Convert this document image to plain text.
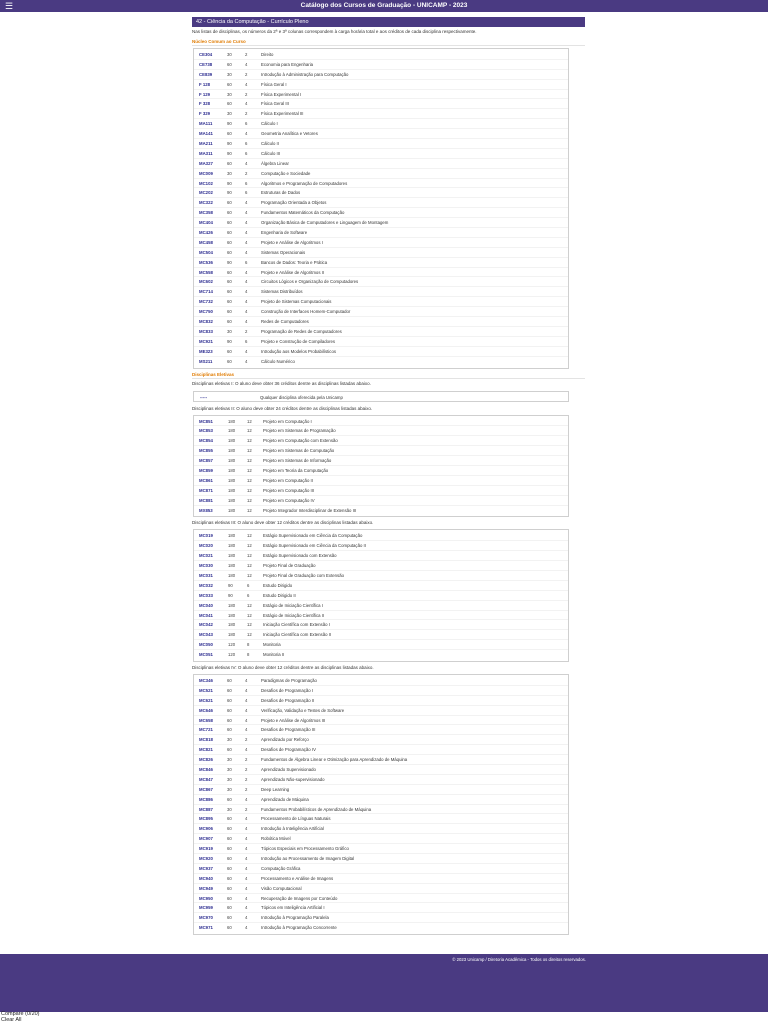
☰	Catálogo dos Cursos de Graduação - UNICAMP - 2023
42 - Ciência da Computação - Currículo Pleno
Nas listas de disciplinas, os números da 2ª e 3ª colunas correspondem à carga horária total e aos créditos de cada disciplina respectivamente.
Núcleo Comum ao Curso
CE304	30	2	Direito
CE738	60	4	Economia para Engenharia
CE839	30	2	Introdução à Administração para Computação
F 128	60	4	Física Geral I
F 129	30	2	Física Experimental I
F 328	60	4	Física Geral III
F 329	30	2	Física Experimental III
MA111	90	6	Cálculo I
MA141	60	4	Geometria Analítica e Vetores
MA211	90	6	Cálculo II
MA311	90	6	Cálculo III
MA327	60	4	Álgebra Linear
MC009	30	2	Computação e Sociedade
MC102	90	6	Algoritmos e Programação de Computadores
MC202	90	6	Estruturas de Dados
MC322	60	4	Programação Orientada a Objetos
MC358	60	4	Fundamentos Matemáticos da Computação
MC404	60	4	Organização Básica de Computadores e Linguagem de Montagem
MC426	60	4	Engenharia de Software
MC458	60	4	Projeto e Análise de Algoritmos I
MC504	60	4	Sistemas Operacionais
MC536	90	6	Bancos de Dados: Teoria e Prática
MC558	60	4	Projeto e Análise de Algoritmos II
MC602	60	4	Circuitos Lógicos e Organização de Computadores
MC714	60	4	Sistemas Distribuídos
MC732	60	4	Projeto de Sistemas Computacionais
MC750	60	4	Construção de Interfaces Homem-Computador
MC832	60	4	Redes de Computadores
MC833	30	2	Programação de Redes de Computadores
MC921	90	6	Projeto e Construção de Compiladores
ME323	60	4	Introdução aos Modelos Probabilísticos
MS211	60	4	Cálculo Numérico
Disciplinas Eletivas
Disciplinas eletivas I: O aluno deve obter 36 créditos dentre as disciplinas listadas abaixo.
-----	Qualquer disciplina oferecida pela Unicamp
Disciplinas eletivas II: O aluno deve obter 24 créditos dentre as disciplinas listadas abaixo.
MC851	180	12	Projeto em Computação I
MC853	180	12	Projeto em Sistemas de Programação
MC854	180	12	Projeto em Computação com Extensão
MC855	180	12	Projeto em Sistemas de Computação
MC857	180	12	Projeto em Sistemas de Informação
MC859	180	12	Projeto em Teoria da Computação
MC861	180	12	Projeto em Computação II
MC871	180	12	Projeto em Computação III
MC881	180	12	Projeto em Computação IV
MX853	180	12	Projeto Integrador Interdisciplinar de Extensão III
Disciplinas eletivas III: O aluno deve obter 12 créditos dentre as disciplinas listadas abaixo.
MC019	180	12	Estágio Supervisionado em Ciência da Computação
MC020	180	12	Estágio Supervisionado em Ciência da Computação II
MC021	180	12	Estágio Supervisionado com Extensão
MC030	180	12	Projeto Final de Graduação
MC031	180	12	Projeto Final de Graduação com Extensão
MC032	90	6	Estudo Dirigido
MC033	90	6	Estudo Dirigido II
MC040	180	12	Estágio de Iniciação Científica I
MC041	180	12	Estágio de Iniciação Científica II
MC042	180	12	Iniciação Científica com Extensão I
MC043	180	12	Iniciação Científica com Extensão II
MC050	120	8	Monitoria
MC051	120	8	Monitoria II
Disciplinas eletivas IV: O aluno deve obter 12 créditos dentre as disciplinas listadas abaixo.
MC346	60	4	Paradigmas de Programação
MC521	60	4	Desafios de Programação I
MC621	60	4	Desafios de Programação II
MC646	60	4	Verificação, Validação e Testes de Software
MC658	60	4	Projeto e Análise de Algoritmos III
MC721	60	4	Desafios de Programação III
MC818	30	2	Aprendizado por Reforço
MC821	60	4	Desafios de Programação IV
MC826	30	2	Fundamentos de Álgebra Linear e Otimização para Aprendizado de Máquina
MC846	30	2	Aprendizado Supervisionado
MC847	30	2	Aprendizado Não-supervisionado
MC867	30	2	Deep Learning
MC886	60	4	Aprendizado de Máquina
MC887	30	2	Fundamentos Probabilísticos de Aprendizado de Máquina
MC895	60	4	Processamento de Línguas Naturais
MC906	60	4	Introdução à Inteligência Artificial
MC907	60	4	Robótica Móvel
MC919	60	4	Tópicos Especiais em Processamento Gráfico
MC920	60	4	Introdução ao Processamento de Imagem Digital
MC937	60	4	Computação Gráfica
MC940	60	4	Processamento e Análise de Imagens
MC949	60	4	Visão Computacional
MC950	60	4	Recuperação de Imagens por Conteúdo
MC959	60	4	Tópicos em Inteligência Artificial I
MC970	60	4	Introdução à Programação Paralela
MC971	60	4	Introdução à Programação Concorrente
© 2023 Unicamp / Diretoria Acadêmica - Todos os direitos reservados.
Compare (0/20)
Clear All
